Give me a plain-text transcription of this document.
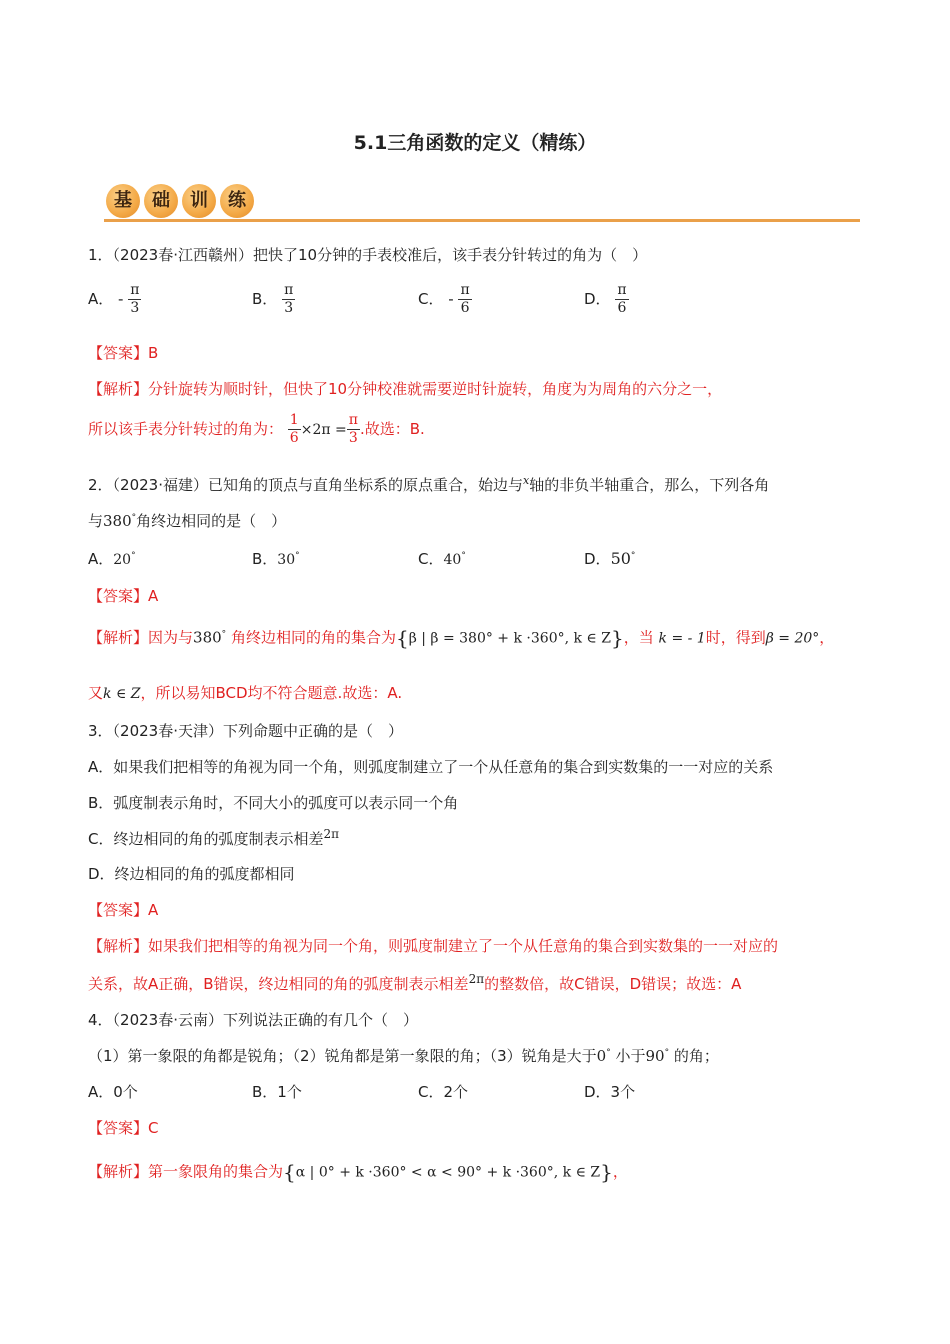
5.1三角函数的定义（精练）
基	础	训	练
1．（2023春·江西赣州）把快了10分钟的手表校准后，该手表分针转过的角为（　）
A． - $\frac{\pi}{3}$	B． $\frac{\pi}{3}$	C． - $\frac{\pi}{6}$	D． $\frac{\pi}{6}$
【答案】B
【解析】分针旋转为顺时针，但快了10分钟校准就需要逆时针旋转，角度为为周角的六分之一，
所以该手表分针转过的角为： $\frac{1}{6} \times 2\pi = \frac{\pi}{3}$ .故选：B.
2．（2023·福建）已知角的顶点与直角坐标系的原点重合，始边与$^x$轴的非负半轴重合，那么，下列各角
与380°角终边相同的是（　）
A．20°	B．30°	C．40°	D．50°
【答案】A
【解析】因为与380° 角终边相同的角的集合为{β | β = 380° + k ·360°, k ∈ Z}，当 k = - 1时，得到β = 20°，
又k ∈ Z，所以易知BCD均不符合题意.故选：A.
3．（2023春·天津）下列命题中正确的是（　）
A．如果我们把相等的角视为同一个角，则弧度制建立了一个从任意角的集合到实数集的一一对应的关系
B．弧度制表示角时，不同大小的弧度可以表示同一个角
C．终边相同的角的弧度制表示相差$^{2\pi}$
D．终边相同的角的弧度都相同
【答案】A
【解析】如果我们把相等的角视为同一个角，则弧度制建立了一个从任意角的集合到实数集的一一对应的
关系，故A正确，B错误，终边相同的角的弧度制表示相差$^{2\pi}$的整数倍，故C错误，D错误；故选：A
4．（2023春·云南）下列说法正确的有几个（　）
（1）第一象限的角都是锐角；（2）锐角都是第一象限的角；（3）锐角是大于0° 小于90° 的角；
A．0个	B．1个	C．2个	D．3个
【答案】C
【解析】第一象限角的集合为{α | 0° + k ·360° < α < 90° + k ·360°, k ∈ Z}，
